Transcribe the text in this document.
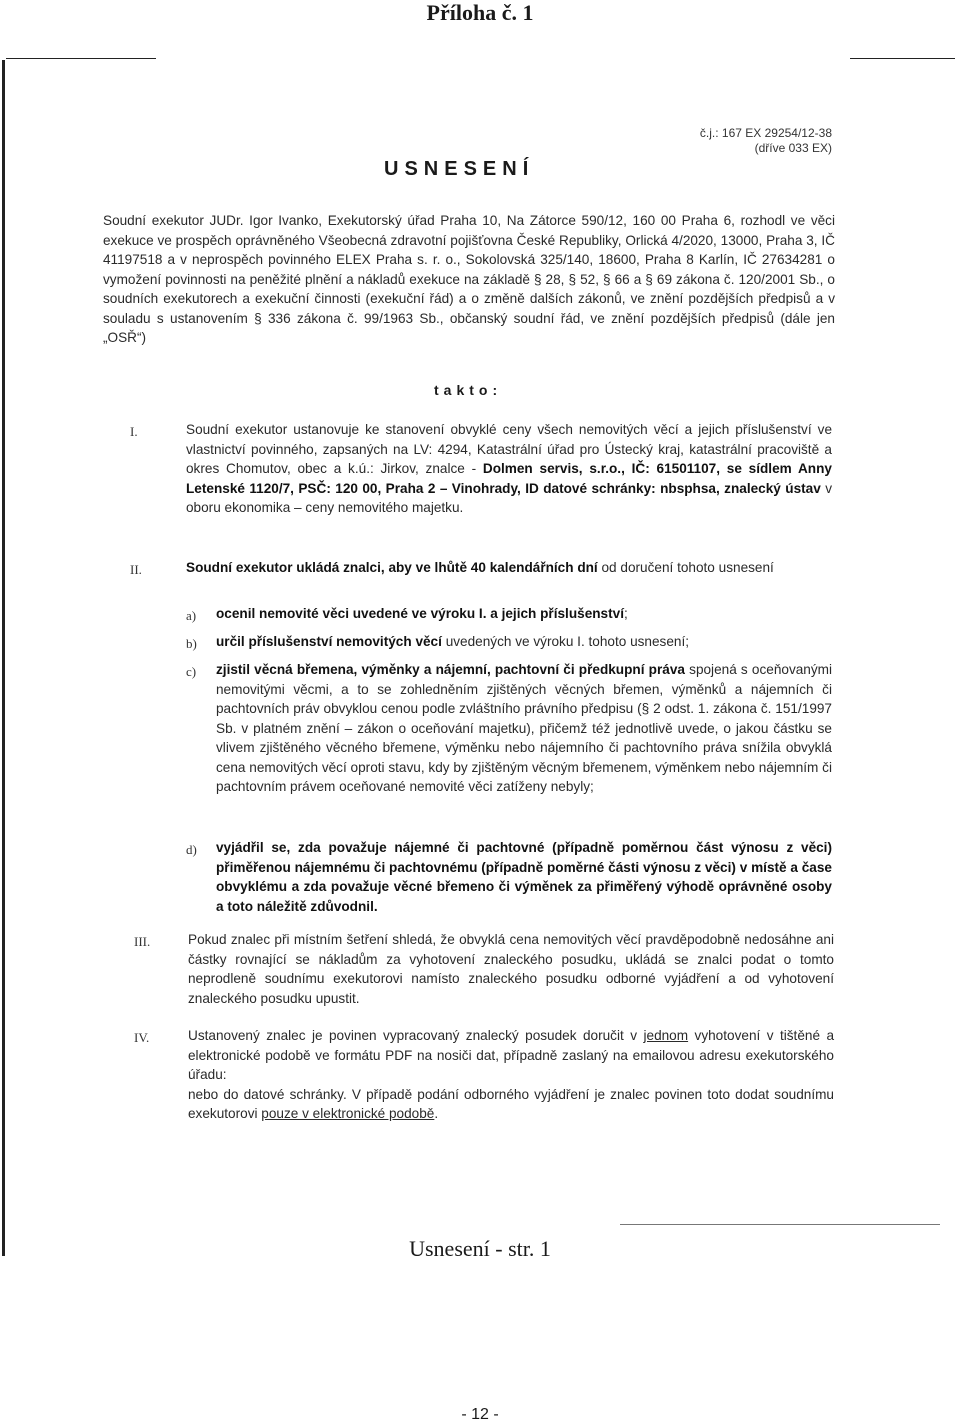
Příloha č. 1
č.j.: 167 EX 29254/12-38
(dříve 033 EX)
USNESENÍ
Soudní exekutor JUDr. Igor Ivanko, Exekutorský úřad Praha 10, Na Zátorce 590/12, 160 00 Praha 6, rozhodl ve věci exekuce ve prospěch oprávněného Všeobecná zdravotní pojišťovna České Republiky, Orlická 4/2020, 13000, Praha 3, IČ 41197518 a v neprospěch povinného ELEX Praha s. r. o., Sokolovská 325/140, 18600, Praha 8 Karlín, IČ 27634281 o vymožení povinnosti na peněžité plnění a nákladů exekuce na základě § 28, § 52, § 66 a § 69 zákona č. 120/2001 Sb., o soudních exekutorech a exekuční činnosti (exekuční řád) a o změně dalších zákonů, ve znění pozdějších předpisů a v souladu s ustanovením § 336 zákona č. 99/1963 Sb., občanský soudní řád, ve znění pozdějších předpisů (dále jen „OSŘ“)
takto:
I.	Soudní exekutor ustanovuje ke stanovení obvyklé ceny všech nemovitých věcí a jejich příslušenství ve vlastnictví povinného, zapsaných na LV: 4294, Katastrální úřad pro Ústecký kraj, katastrální pracoviště a okres Chomutov, obec a k.ú.: Jirkov, znalce - Dolmen servis, s.r.o., IČ: 61501107, se sídlem Anny Letenské 1120/7, PSČ: 120 00, Praha 2 – Vinohrady, ID datové schránky: nbsphsa, znalecký ústav v oboru ekonomika – ceny nemovitého majetku.
II.	Soudní exekutor ukládá znalci, aby ve lhůtě 40 kalendářních dní od doručení tohoto usnesení
a) ocenil nemovité věci uvedené ve výroku I. a jejich příslušenství;
b) určil příslušenství nemovitých věcí uvedených ve výroku I. tohoto usnesení;
c) zjistil věcná břemena, výměnky a nájemní, pachtovní či předkupní práva spojená s oceňovanými nemovitými věcmi, a to se zohledněním zjištěných věcných břemen, výměnků a nájemních či pachtovních práv obvyklou cenou podle zvláštního právního předpisu (§ 2 odst. 1. zákona č. 151/1997 Sb. v platném znění – zákon o oceňování majetku), přičemž též jednotlivě uvede, o jakou částku se vlivem zjištěného věcného břemene, výměnku nebo nájemního či pachtovního práva snížila obvyklá cena nemovitých věcí oproti stavu, kdy by zjištěným věcným břemenem, výměnkem nebo nájemním či pachtovním právem oceňované nemovité věci zatíženy nebyly;
d) vyjádřil se, zda považuje nájemné či pachtovné (případně poměrnou část výnosu z věci) přiměřenou nájemnému či pachtovnému (případně poměrné části výnosu z věci) v místě a čase obvyklému a zda považuje věcné břemeno či výměnek za přiměřený výhodě oprávněné osoby a toto náležitě zdůvodnil.
III.	Pokud znalec při místním šetření shledá, že obvyklá cena nemovitých věcí pravděpodobně nedosáhne ani částky rovnající se nákladům za vyhotovení znaleckého posudku, ukládá se znalci podat o tomto neprodleně soudnímu exekutorovi namísto znaleckého posudku odborné vyjádření a od vyhotovení znaleckého posudku upustit.
IV.	Ustanovený znalec je povinen vypracovaný znalecký posudek doručit v jednom vyhotovení v tištěné a elektronické podobě ve formátu PDF na nosiči dat, případně zaslaný na emailovou adresu exekutorského úřadu:
nebo do datové schránky. V případě podání odborného vyjádření je znalec povinen toto dodat soudnímu exekutorovi pouze v elektronické podobě.
Usnesení - str. 1
- 12 -
